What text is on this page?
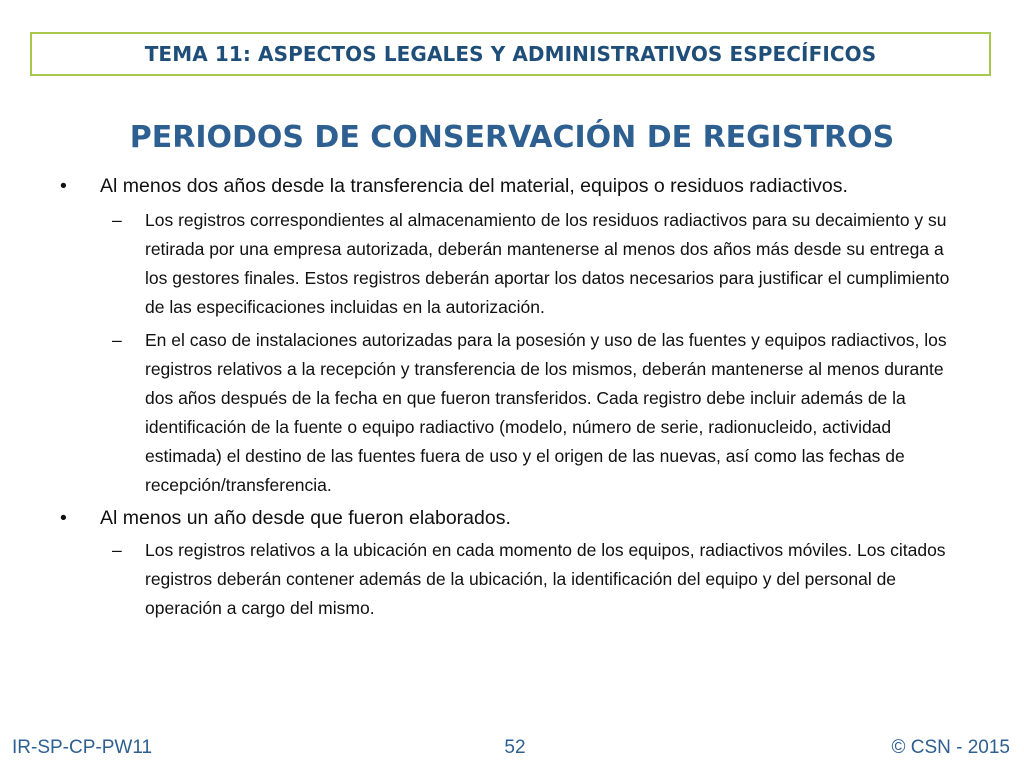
TEMA 11: ASPECTOS LEGALES Y ADMINISTRATIVOS ESPECÍFICOS
PERIODOS DE CONSERVACIÓN DE REGISTROS
• Al menos dos años desde la transferencia del material, equipos o residuos radiactivos.
– Los registros correspondientes al almacenamiento de los residuos radiactivos para su decaimiento y su retirada por una empresa autorizada, deberán mantenerse al menos dos años más desde su entrega a los gestores finales. Estos registros deberán aportar los datos necesarios para justificar el cumplimiento de las especificaciones incluidas en la autorización.
– En el caso de instalaciones autorizadas para la posesión y uso de las fuentes y equipos radiactivos, los registros relativos a la recepción y transferencia de los mismos, deberán mantenerse al menos durante dos años después de la fecha en que fueron transferidos. Cada registro debe incluir además de la identificación de la fuente o equipo radiactivo (modelo, número de serie, radionucleido, actividad estimada) el destino de las fuentes fuera de uso y el origen de las nuevas, así como las fechas de recepción/transferencia.
• Al menos un año desde que fueron elaborados.
– Los registros relativos a la ubicación en cada momento de los equipos, radiactivos móviles. Los citados registros deberán contener además de la ubicación, la identificación del equipo y del personal de operación a cargo del mismo.
IR-SP-CP-PW11	52	© CSN - 2015
